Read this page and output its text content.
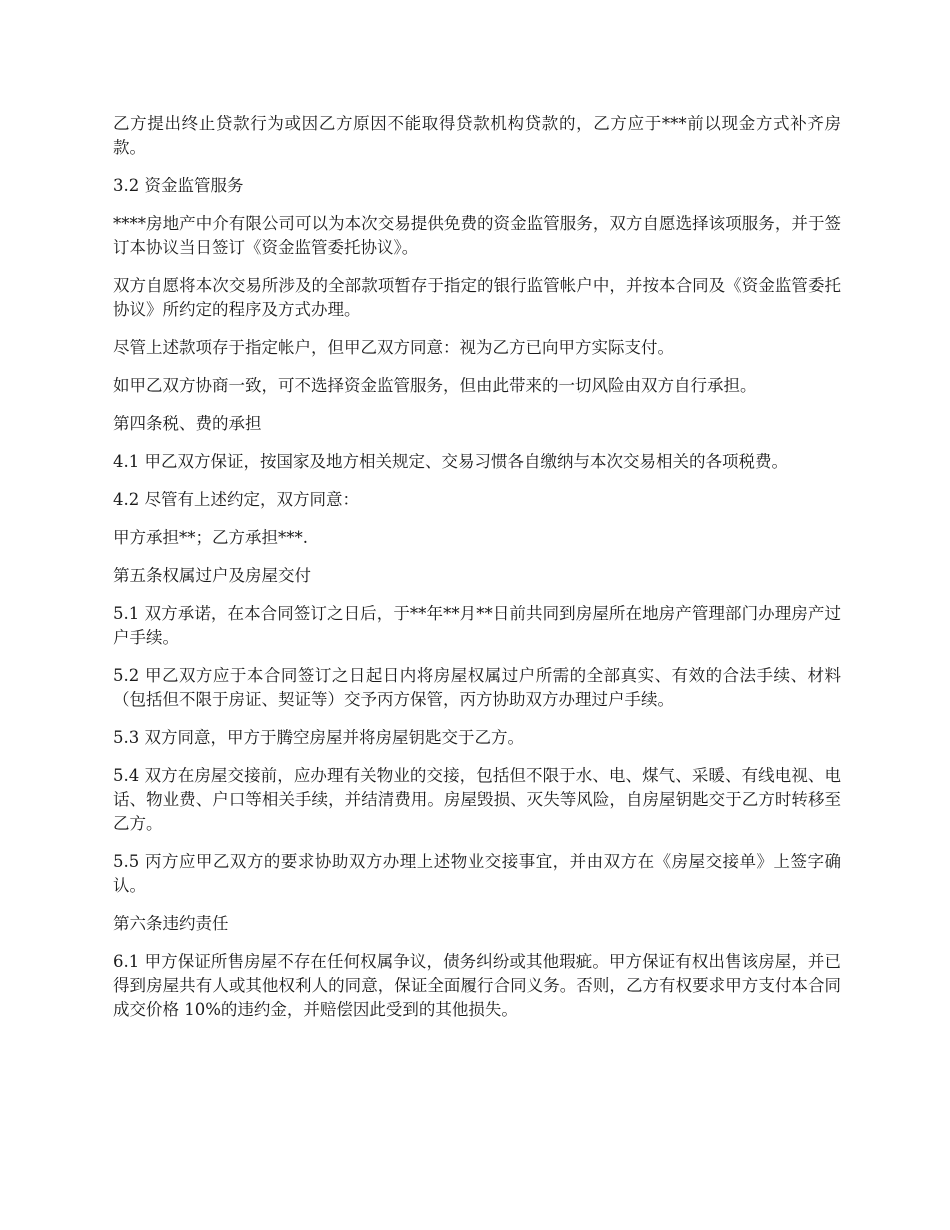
乙方提出终止贷款行为或因乙方原因不能取得贷款机构贷款的，乙方应于***前以现金方式补齐房款。

3.2 资金监管服务

****房地产中介有限公司可以为本次交易提供免费的资金监管服务，双方自愿选择该项服务，并于签订本协议当日签订《资金监管委托协议》。

双方自愿将本次交易所涉及的全部款项暂存于指定的银行监管帐户中，并按本合同及《资金监管委托协议》所约定的程序及方式办理。

尽管上述款项存于指定帐户，但甲乙双方同意：视为乙方已向甲方实际支付。

如甲乙双方协商一致，可不选择资金监管服务，但由此带来的一切风险由双方自行承担。

第四条税、费的承担

4.1 甲乙双方保证，按国家及地方相关规定、交易习惯各自缴纳与本次交易相关的各项税费。

4.2 尽管有上述约定，双方同意：

甲方承担**；乙方承担***.

第五条权属过户及房屋交付

5.1 双方承诺，在本合同签订之日后，于**年**月**日前共同到房屋所在地房产管理部门办理房产过户手续。

5.2 甲乙双方应于本合同签订之日起日内将房屋权属过户所需的全部真实、有效的合法手续、材料（包括但不限于房证、契证等）交予丙方保管，丙方协助双方办理过户手续。

5.3 双方同意，甲方于腾空房屋并将房屋钥匙交于乙方。

5.4 双方在房屋交接前，应办理有关物业的交接，包括但不限于水、电、煤气、采暖、有线电视、电话、物业费、户口等相关手续，并结清费用。房屋毁损、灭失等风险，自房屋钥匙交于乙方时转移至乙方。

5.5 丙方应甲乙双方的要求协助双方办理上述物业交接事宜，并由双方在《房屋交接单》上签字确认。

第六条违约责任

6.1 甲方保证所售房屋不存在任何权属争议，债务纠纷或其他瑕疵。甲方保证有权出售该房屋，并已得到房屋共有人或其他权利人的同意，保证全面履行合同义务。否则，乙方有权要求甲方支付本合同成交价格 10%的违约金，并赔偿因此受到的其他损失。
